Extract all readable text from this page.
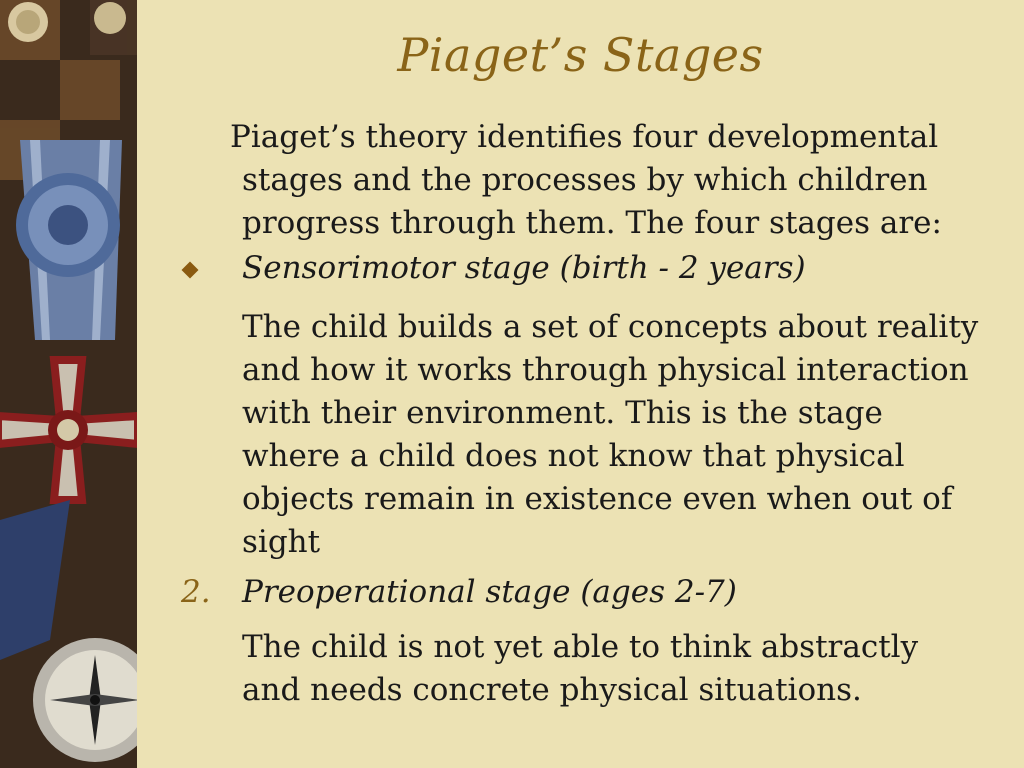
Piaget’s Stages
Piaget’s theory identifies four developmental
stages and the processes by which children
progress through them. The four stages are:
Sensorimotor stage (birth - 2 years)
The child builds a set of concepts about reality
and how it works through physical interaction
with their environment. This is the stage
where a child does not know that physical
objects remain in existence even when out of
sight
2. Preoperational stage (ages 2-7)
The child is not yet able to think abstractly
and needs concrete physical situations.
